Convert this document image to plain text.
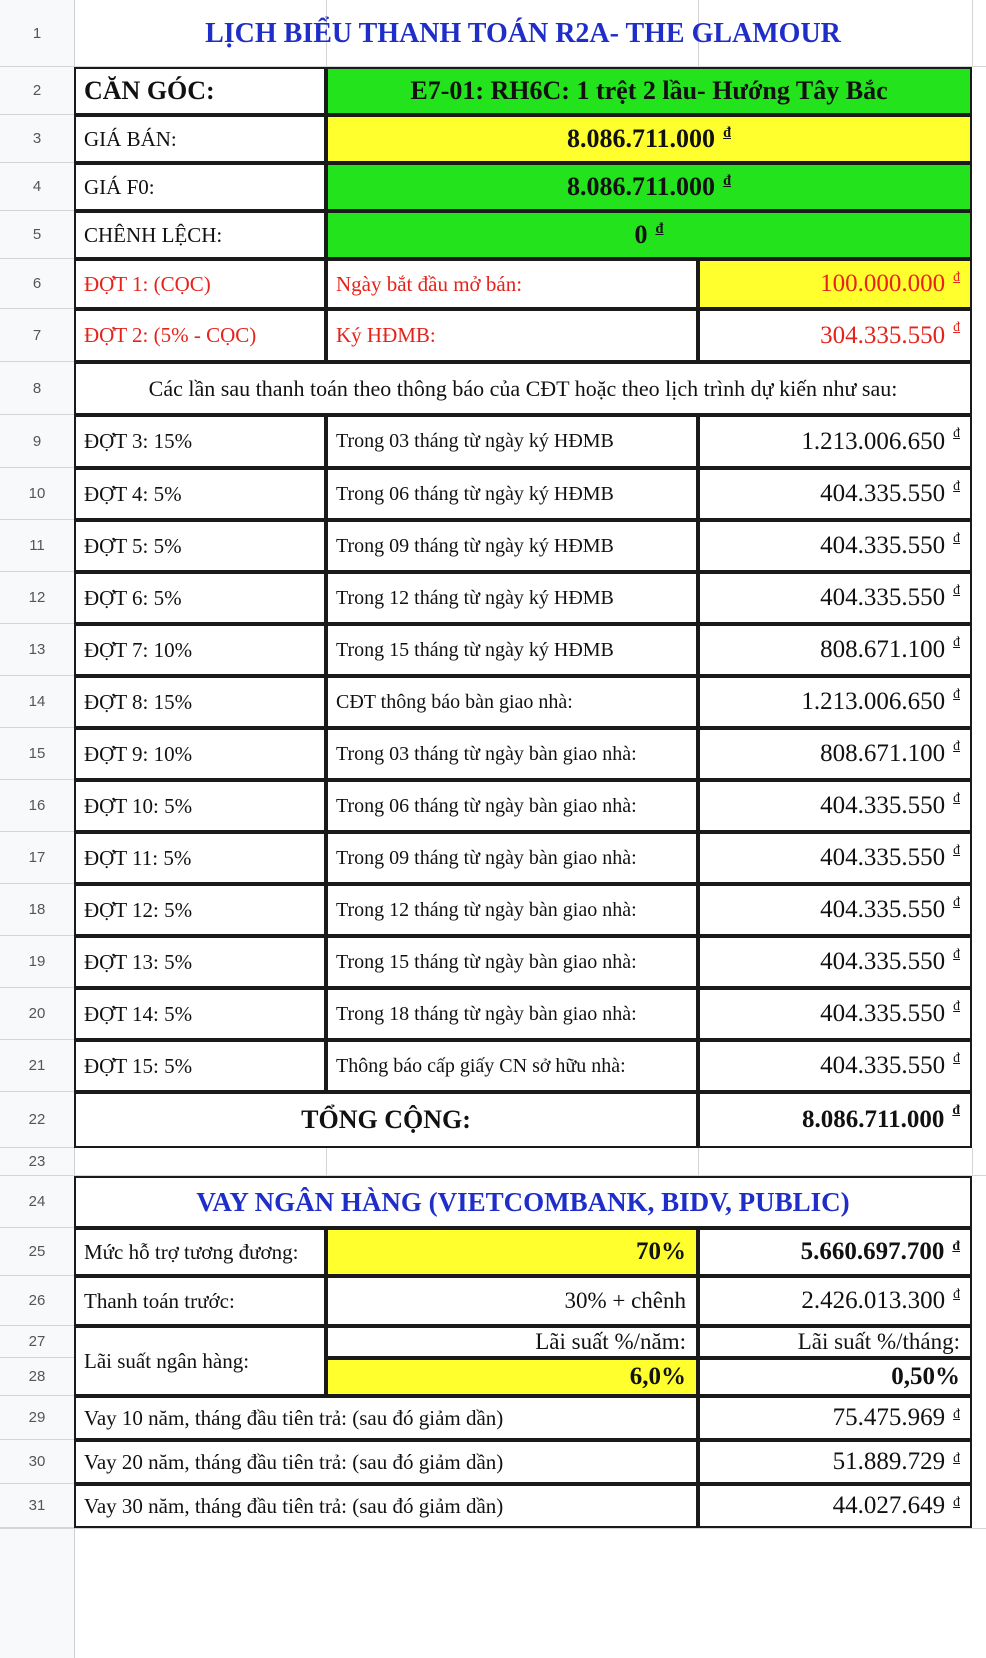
1
2
3
4
5
6
7
8
9
10
11
12
13
14
15
16
17
18
19
20
21
22
23
24
25
26
27
28
29
30
31
LỊCH BIỂU THANH TOÁN R2A- THE GLAMOUR
CĂN GÓC:	E7-01: RH6C: 1 trệt 2 lầu- Hướng Tây Bắc
GIÁ BÁN:	8.086.711.000 đ
GIÁ F0:	8.086.711.000 đ
CHÊNH LỆCH:	0 đ
ĐỢT 1: (CỌC)	Ngày bắt đầu mở bán:	100.000.000 đ
ĐỢT 2: (5% - CỌC)	Ký HĐMB:	304.335.550 đ
Các lần sau thanh toán theo thông báo của CĐT hoặc theo lịch trình dự kiến như sau:
ĐỢT 3: 15%	Trong 03 tháng từ ngày ký HĐMB	1.213.006.650 đ
ĐỢT 4: 5%	Trong 06 tháng từ ngày ký HĐMB	404.335.550 đ
ĐỢT 5: 5%	Trong 09 tháng từ ngày ký HĐMB	404.335.550 đ
ĐỢT 6: 5%	Trong 12 tháng từ ngày ký HĐMB	404.335.550 đ
ĐỢT 7: 10%	Trong 15 tháng từ ngày ký HĐMB	808.671.100 đ
ĐỢT 8: 15%	CĐT thông báo bàn giao nhà:	1.213.006.650 đ
ĐỢT 9: 10%	Trong 03 tháng từ ngày bàn giao nhà:	808.671.100 đ
ĐỢT 10: 5%	Trong 06 tháng từ ngày bàn giao nhà:	404.335.550 đ
ĐỢT 11: 5%	Trong 09 tháng từ ngày bàn giao nhà:	404.335.550 đ
ĐỢT 12: 5%	Trong 12 tháng từ ngày bàn giao nhà:	404.335.550 đ
ĐỢT 13: 5%	Trong 15 tháng từ ngày bàn giao nhà:	404.335.550 đ
ĐỢT 14: 5%	Trong 18 tháng từ ngày bàn giao nhà:	404.335.550 đ
ĐỢT 15: 5%	Thông báo cấp giấy CN sở hữu nhà:	404.335.550 đ
TỔNG CỘNG:	8.086.711.000 đ
VAY NGÂN HÀNG (VIETCOMBANK, BIDV, PUBLIC)
Mức hỗ trợ tương đương:	70%	5.660.697.700 đ
Thanh toán trước:	30% + chênh	2.426.013.300 đ
Lãi suất ngân hàng:
Lãi suất %/năm:	Lãi suất %/tháng:
6,0%	0,50%
Vay 10 năm, tháng đầu tiên trả: (sau đó giảm dần)	75.475.969 đ
Vay 20 năm, tháng đầu tiên trả: (sau đó giảm dần)	51.889.729 đ
Vay 30 năm, tháng đầu tiên trả: (sau đó giảm dần)	44.027.649 đ
